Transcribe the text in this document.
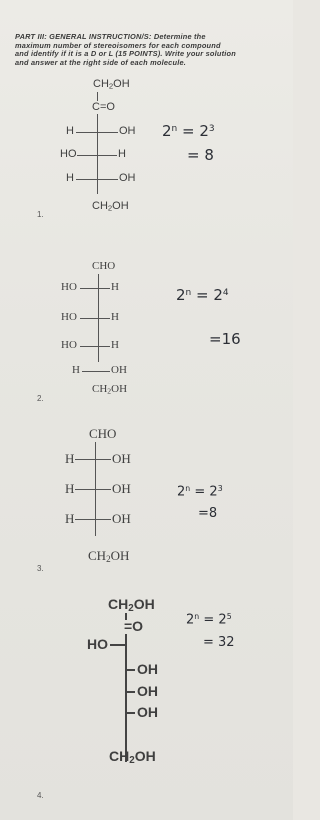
PART III: GENERAL INSTRUCTION/S: Determine the
maximum number of stereoisomers for each compound
and identify if it is a D or L (15 POINTS). Write your solution
and answer at the right side of each molecule.
$CH_2OH$
C=O
H	OH
HO	H
H	OH
$CH_2OH$
1.
$2^n = 2^3$
= 8
CHO
HO	H
HO	H
HO	H
H	OH
$CH_2OH$
2.
$2^n = 2^4$
=16
CHO
H	OH
H	OH
H	OH
$CH_2OH$
3.
$2^n = 2^3$
=8
$CH_2OH$
=O
HO
OH
OH
OH
$CH_2OH$
4.
$2^n = 2^5$
= 32
